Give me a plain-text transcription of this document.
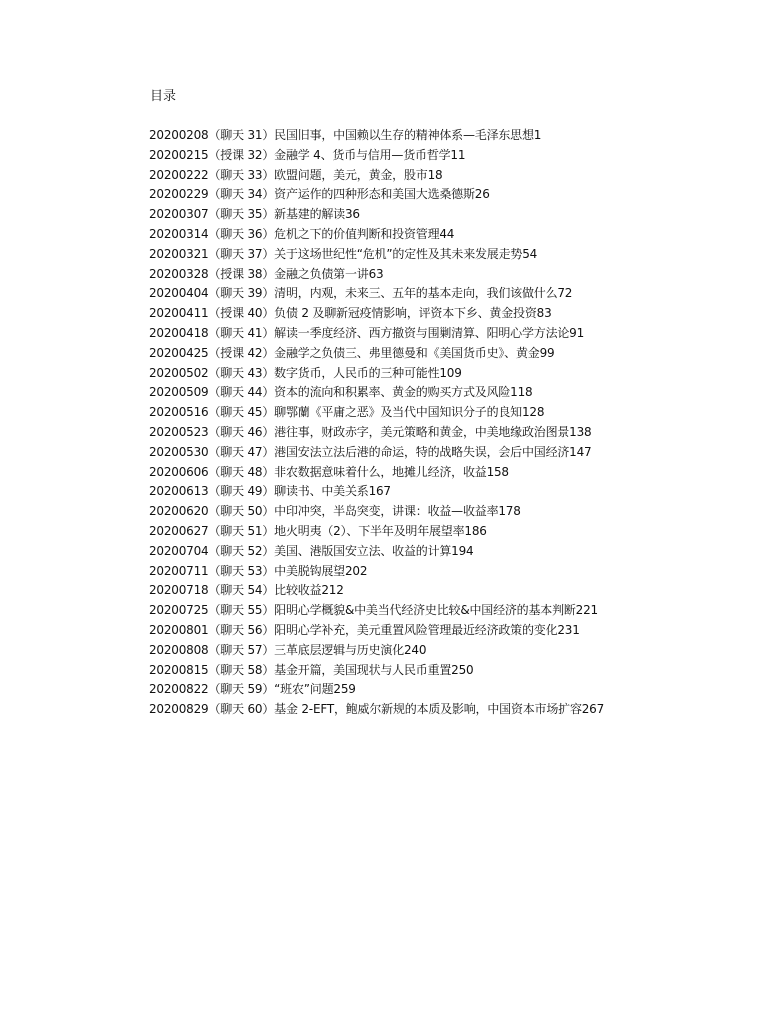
目录
20200208（聊天 31）民国旧事，中国赖以生存的精神体系—毛泽东思想1
20200215（授课 32）金融学 4、货币与信用—货币哲学11
20200222（聊天 33）欧盟问题，美元，黄金，股市18
20200229（聊天 34）资产运作的四种形态和美国大选桑德斯26
20200307（聊天 35）新基建的解读36
20200314（聊天 36）危机之下的价值判断和投资管理44
20200321（聊天 37）关于这场世纪性“危机”的定性及其未来发展走势54
20200328（授课 38）金融之负债第一讲63
20200404（聊天 39）清明，内观，未来三、五年的基本走向，我们该做什么72
20200411（授课 40）负债 2 及聊新冠疫情影响，评资本下乡、黄金投资83
20200418（聊天 41）解读一季度经济、西方撤资与围剿清算、阳明心学方法论91
20200425（授课 42）金融学之负债三、弗里德曼和《美国货币史》、黄金99
20200502（聊天 43）数字货币，人民币的三种可能性109
20200509（聊天 44）资本的流向和积累率、黄金的购买方式及风险118
20200516（聊天 45）聊鄂蘭《平庸之恶》及当代中国知识分子的良知128
20200523（聊天 46）港往事，财政赤字，美元策略和黄金，中美地缘政治图景138
20200530（聊天 47）港国安法立法后港的命运，特的战略失误，会后中国经济147
20200606（聊天 48）非农数据意味着什么，地摊儿经济，收益158
20200613（聊天 49）聊读书、中美关系167
20200620（聊天 50）中印冲突，半岛突变，讲课：收益—收益率178
20200627（聊天 51）地火明夷（2）、下半年及明年展望率186
20200704（聊天 52）美国、港版国安立法、收益的计算194
20200711（聊天 53）中美脱钩展望202
20200718（聊天 54）比较收益212
20200725（聊天 55）阳明心学概貌&中美当代经济史比较&中国经济的基本判断221
20200801（聊天 56）阳明心学补充，美元重置风险管理最近经济政策的变化231
20200808（聊天 57）三革底层逻辑与历史演化240
20200815（聊天 58）基金开篇，美国现状与人民币重置250
20200822（聊天 59）“班农”问题259
20200829（聊天 60）基金 2-EFT，鲍威尔新规的本质及影响，中国资本市场扩容267
